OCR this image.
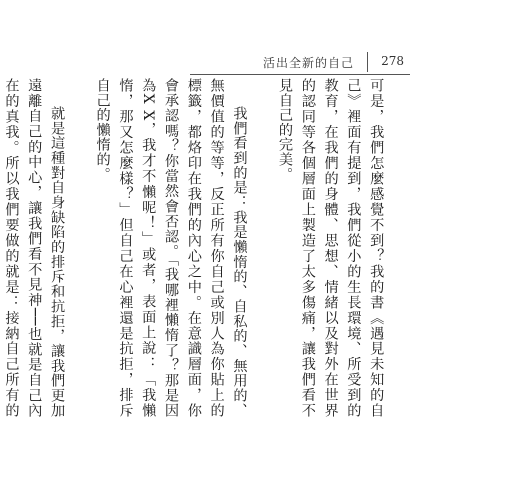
活出全新的自己 278

可是，我們怎麼感覺不到？我的書《遇見未知的自己》裡面有提到，我們從小的生長環境、所受到的教育，在我們的身體、思想、情緒以及對外在世界的認同等各個層面上製造了太多傷痛，讓我們看不見自己的完美。

我們看到的是：我是懶惰的、自私的、無用的、無價值的等等，反正所有你自己或別人為你貼上的標籤，都烙印在我們的內心之中。在意識層面，你會承認嗎？你當然會否認。「我哪裡懶惰了？那是因為X X，我才不懶呢！」或者，表面上說：「我懶惰，那又怎麼樣？」但自己在心裡還是抗拒，排斥自己的懶惰的。

就是這種對自身缺陷的排斥和抗拒，讓我們更加遠離自己的中心，讓我們看不見神──也就是自己內在的真我。所以我們要做的就是：接納自己所有的
